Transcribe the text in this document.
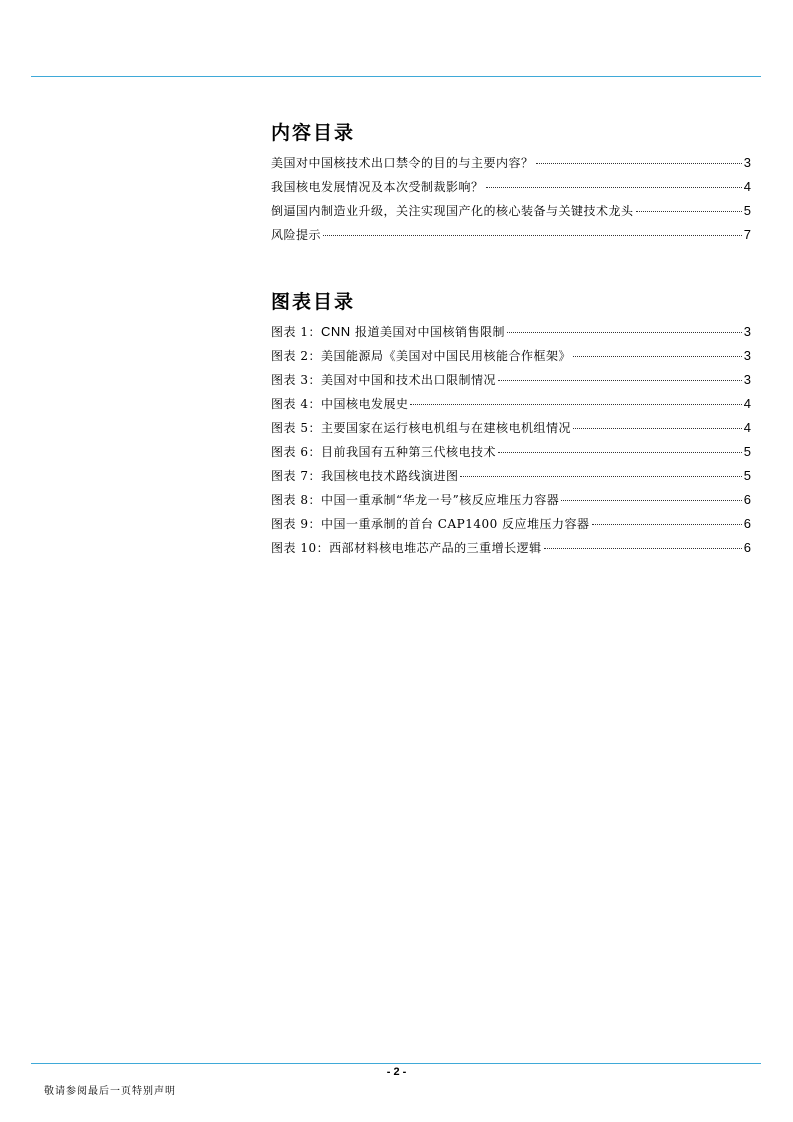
内容目录
美国对中国核技术出口禁令的目的与主要内容？	3
我国核电发展情况及本次受制裁影响？	4
倒逼国内制造业升级，关注实现国产化的核心装备与关键技术龙头	5
风险提示	7
图表目录
图表 1：CNN 报道美国对中国核销售限制	3
图表 2：美国能源局《美国对中国民用核能合作框架》	3
图表 3：美国对中国和技术出口限制情况	3
图表 4：中国核电发展史	4
图表 5：主要国家在运行核电机组与在建核电机组情况	4
图表 6：目前我国有五种第三代核电技术	5
图表 7：我国核电技术路线演进图	5
图表 8：中国一重承制“华龙一号”核反应堆压力容器	6
图表 9：中国一重承制的首台 CAP1400 反应堆压力容器	6
图表 10：西部材料核电堆芯产品的三重增长逻辑	6
- 2 -
敬请参阅最后一页特别声明
